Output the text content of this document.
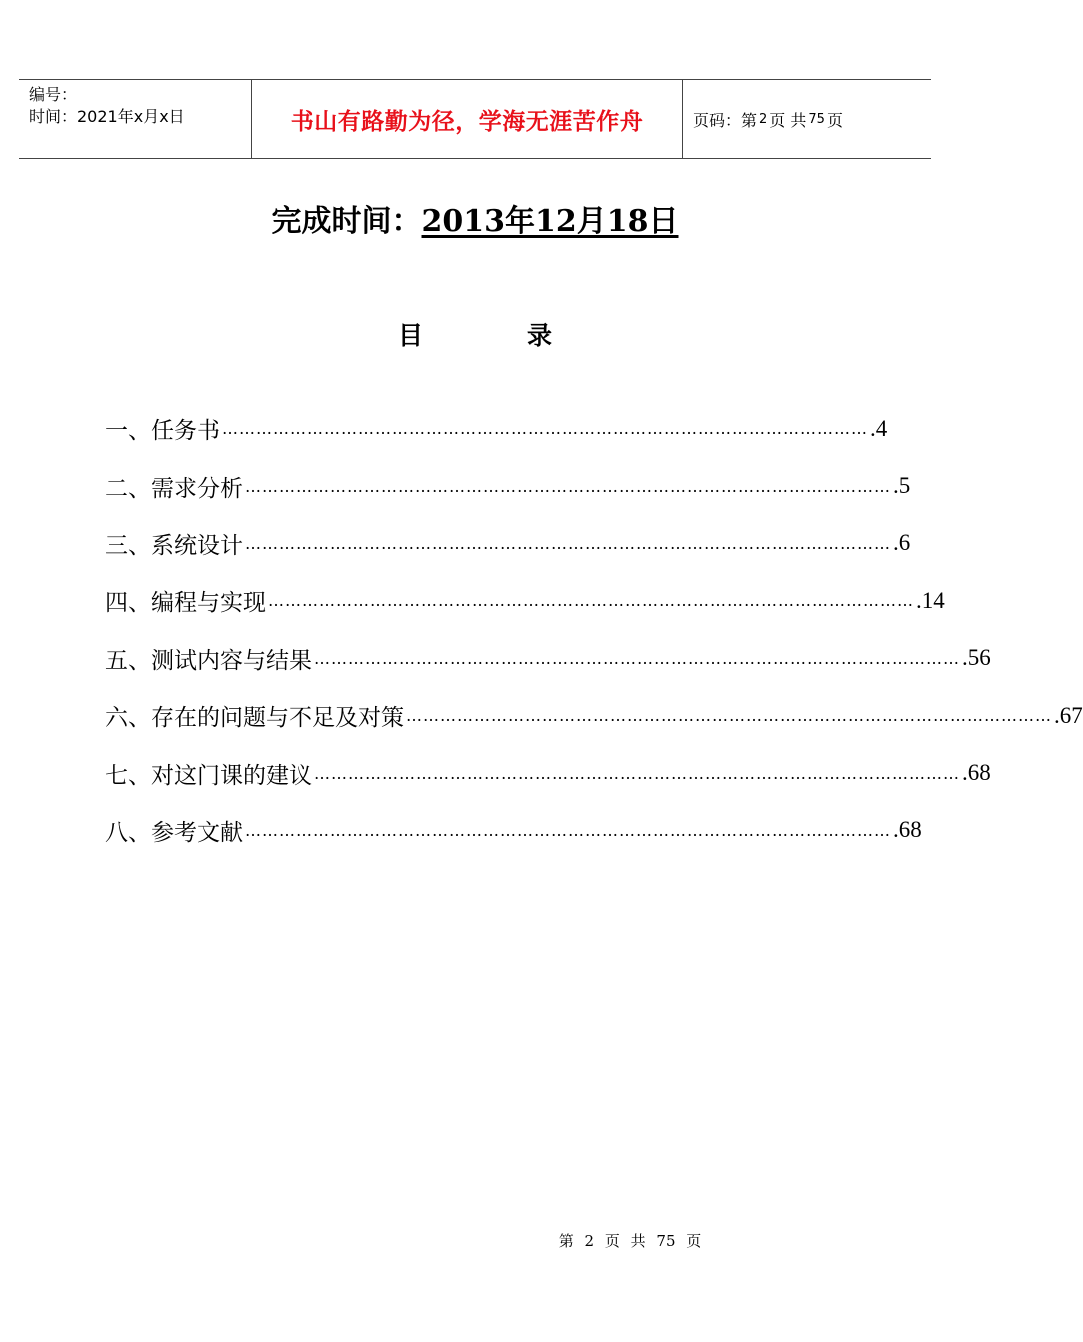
编号：
时间：2021年x月x日	书山有路勤为径，学海无涯苦作舟	页码：第 2 页 共 75 页
完成时间：2013年12月18日
目	录
一、任务书 …………………………………………………………………………………………………… .4
二、需求分析 …………………………………………………………………………………………………… .5
三、系统设计 …………………………………………………………………………………………………… .6
四、编程与实现 …………………………………………………………………………………………………… .14
五、测试内容与结果 …………………………………………………………………………………………………… .56
六、存在的问题与不足及对策 …………………………………………………………………………………………………… .67
七、对这门课的建议 …………………………………………………………………………………………………… .68
八、参考文献 …………………………………………………………………………………………………… .68
第 2 页 共 75 页
